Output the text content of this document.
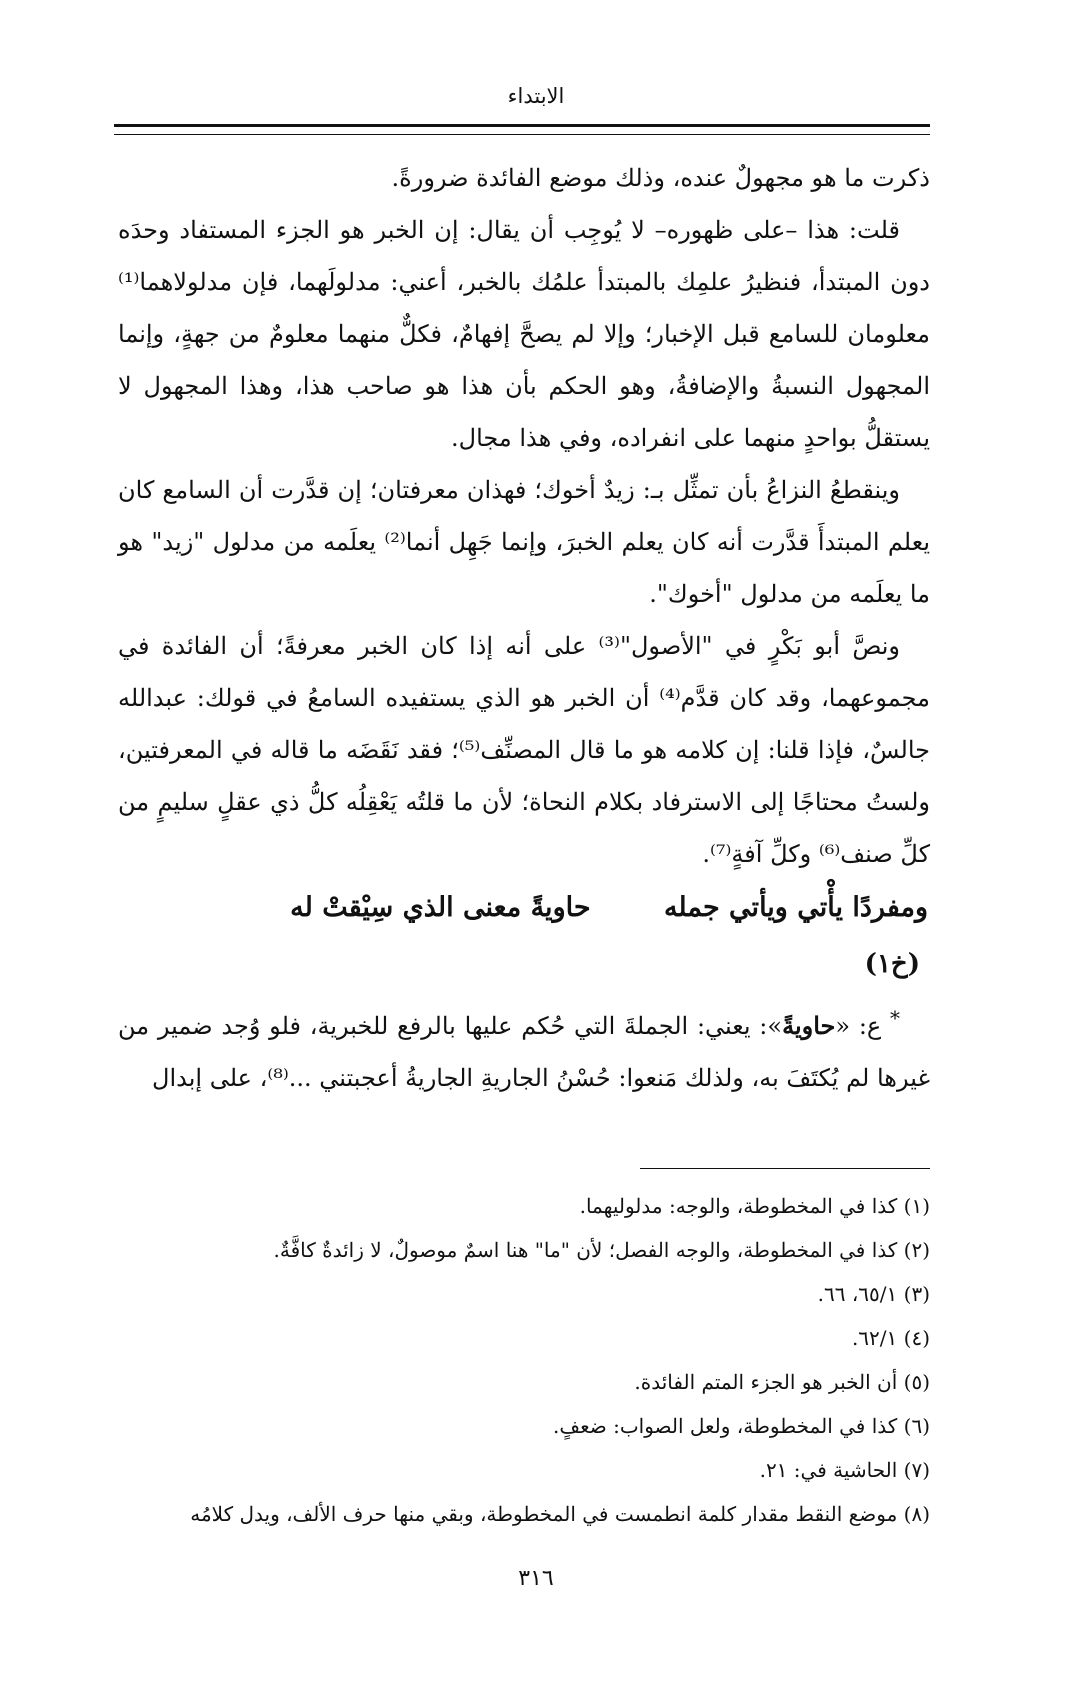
الابتداء

ذكرت ما هو مجهولٌ عنده، وذلك موضع الفائدة ضرورةً.

قلت: هذا –على ظهوره– لا يُوجِب أن يقال: إن الخبر هو الجزء المستفاد وحدَه دون المبتدأ، فنظيرُ علمِك بالمبتدأ علمُك بالخبر، أعني: مدلولَهما، فإن مدلولاهما⁽¹⁾ معلومان للسامع قبل الإخبار؛ وإلا لم يصحَّ إفهامٌ، فكلٌّ منهما معلومٌ من جهةٍ، وإنما المجهول النسبةُ والإضافةُ، وهو الحكم بأن هذا هو صاحب هذا، وهذا المجهول لا يستقلُّ بواحدٍ منهما على انفراده، وفي هذا مجال.

وينقطعُ النزاعُ بأن تمثِّل بـ: زيدٌ أخوك؛ فهذان معرفتان؛ إن قدَّرت أن السامع كان يعلم المبتدأَ قدَّرت أنه كان يعلم الخبرَ، وإنما جَهِل أنما⁽²⁾ يعلَمه من مدلول "زيد" هو ما يعلَمه من مدلول "أخوك".

ونصَّ أبو بَكْرٍ في "الأصول"⁽³⁾ على أنه إذا كان الخبر معرفةً؛ أن الفائدة في مجموعهما، وقد كان قدَّم⁽⁴⁾ أن الخبر هو الذي يستفيده السامعُ في قولك: عبدالله جالسٌ، فإذا قلنا: إن كلامه هو ما قال المصنِّف⁽⁵⁾؛ فقد نَقَضَه ما قاله في المعرفتين، ولستُ محتاجًا إلى الاسترفاد بكلام النحاة؛ لأن ما قلتُه يَعْقِلُه كلُّ ذي عقلٍ سليمٍ من كلِّ صنف⁽⁶⁾ وكلِّ آفةٍ⁽⁷⁾.

ومفردًا يأْتي ويأتي جمله حاويةً معنى الذي سِيْقتْ له
(خ١)

* ع: «حاويةً»: يعني: الجملةَ التي حُكم عليها بالرفع للخبرية، فلو وُجد ضمير من غيرها لم يُكتَفَ به، ولذلك مَنعوا: حُسْنُ الجاريةِ الجاريةُ أعجبتني ...⁽⁸⁾، على إبدال

(١) كذا في المخطوطة، والوجه: مدلوليهما.
(٢) كذا في المخطوطة، والوجه الفصل؛ لأن "ما" هنا اسمٌ موصولٌ، لا زائدةٌ كافَّةٌ.
(٣) ٦٥/١، ٦٦.
(٤) ٦٢/١.
(٥) أن الخبر هو الجزء المتم الفائدة.
(٦) كذا في المخطوطة، ولعل الصواب: ضعفٍ.
(٧) الحاشية في: ٢١.
(٨) موضع النقط مقدار كلمة انطمست في المخطوطة، وبقي منها حرف الألف، ويدل كلامُه
٣١٦
